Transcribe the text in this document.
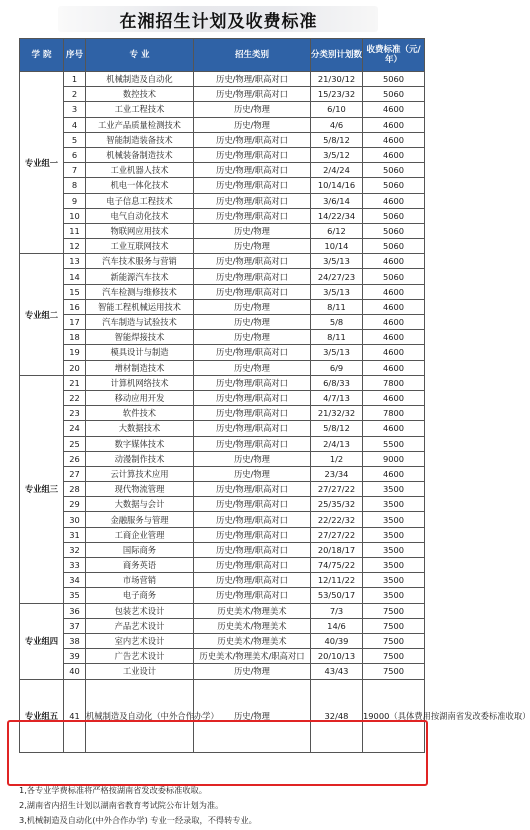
在湘招生计划及收费标准
学 院	序号	专 业	招生类别	分类别计划数	收费标准（元/年）
专业组一	1	机械制造及自动化	历史/物理/职高对口	21/30/12	5060
	2	数控技术	历史/物理/职高对口	15/23/32	5060
	3	工业工程技术	历史/物理	6/10	4600
	4	工业产品质量检测技术	历史/物理	4/6	4600
	5	智能制造装备技术	历史/物理/职高对口	5/8/12	4600
	6	机械装备制造技术	历史/物理/职高对口	3/5/12	4600
	7	工业机器人技术	历史/物理/职高对口	2/4/24	5060
	8	机电一体化技术	历史/物理/职高对口	10/14/16	5060
	9	电子信息工程技术	历史/物理/职高对口	3/6/14	4600
	10	电气自动化技术	历史/物理/职高对口	14/22/34	5060
	11	物联网应用技术	历史/物理	6/12	5060
	12	工业互联网技术	历史/物理	10/14	5060
专业组二	13	汽车技术服务与营销	历史/物理/职高对口	3/5/13	4600
	14	新能源汽车技术	历史/物理/职高对口	24/27/23	5060
	15	汽车检测与维修技术	历史/物理/职高对口	3/5/13	4600
	16	智能工程机械运用技术	历史/物理	8/11	4600
	17	汽车制造与试验技术	历史/物理	5/8	4600
	18	智能焊接技术	历史/物理	8/11	4600
	19	模具设计与制造	历史/物理/职高对口	3/5/13	4600
	20	增材制造技术	历史/物理	6/9	4600
专业组三	21	计算机网络技术	历史/物理/职高对口	6/8/33	7800
	22	移动应用开发	历史/物理/职高对口	4/7/13	4600
	23	软件技术	历史/物理/职高对口	21/32/32	7800
	24	大数据技术	历史/物理/职高对口	5/8/12	4600
	25	数字媒体技术	历史/物理/职高对口	2/4/13	5500
	26	动漫制作技术	历史/物理	1/2	9000
	27	云计算技术应用	历史/物理	23/34	4600
	28	现代物流管理	历史/物理/职高对口	27/27/22	3500
	29	大数据与会计	历史/物理/职高对口	25/35/32	3500
	30	金融服务与管理	历史/物理/职高对口	22/22/32	3500
	31	工商企业管理	历史/物理/职高对口	27/27/22	3500
	32	国际商务	历史/物理/职高对口	20/18/17	3500
	33	商务英语	历史/物理/职高对口	74/75/22	3500
	34	市场营销	历史/物理/职高对口	12/11/22	3500
	35	电子商务	历史/物理/职高对口	53/50/17	3500
专业组四	36	包装艺术设计	历史美术/物理美术	7/3	7500
	37	产品艺术设计	历史美术/物理美术	14/6	7500
	38	室内艺术设计	历史美术/物理美术	40/39	7500
	39	广告艺术设计	历史美术/物理美术/职高对口	20/10/13	7500
	40	工业设计	历史/物理	43/43	7500
专业组五	41	机械制造及自动化（中外合作办学）	历史/物理	32/48	19000（具体费用按湖南省发改委标准收取）
1,各专业学费标准将严格按湖南省发改委标准收取。
2,湖南省内招生计划以湖南省教育考试院公布计划为准。
3,机械制造及自动化(中外合作办学) 专业一经录取，不得转专业。
